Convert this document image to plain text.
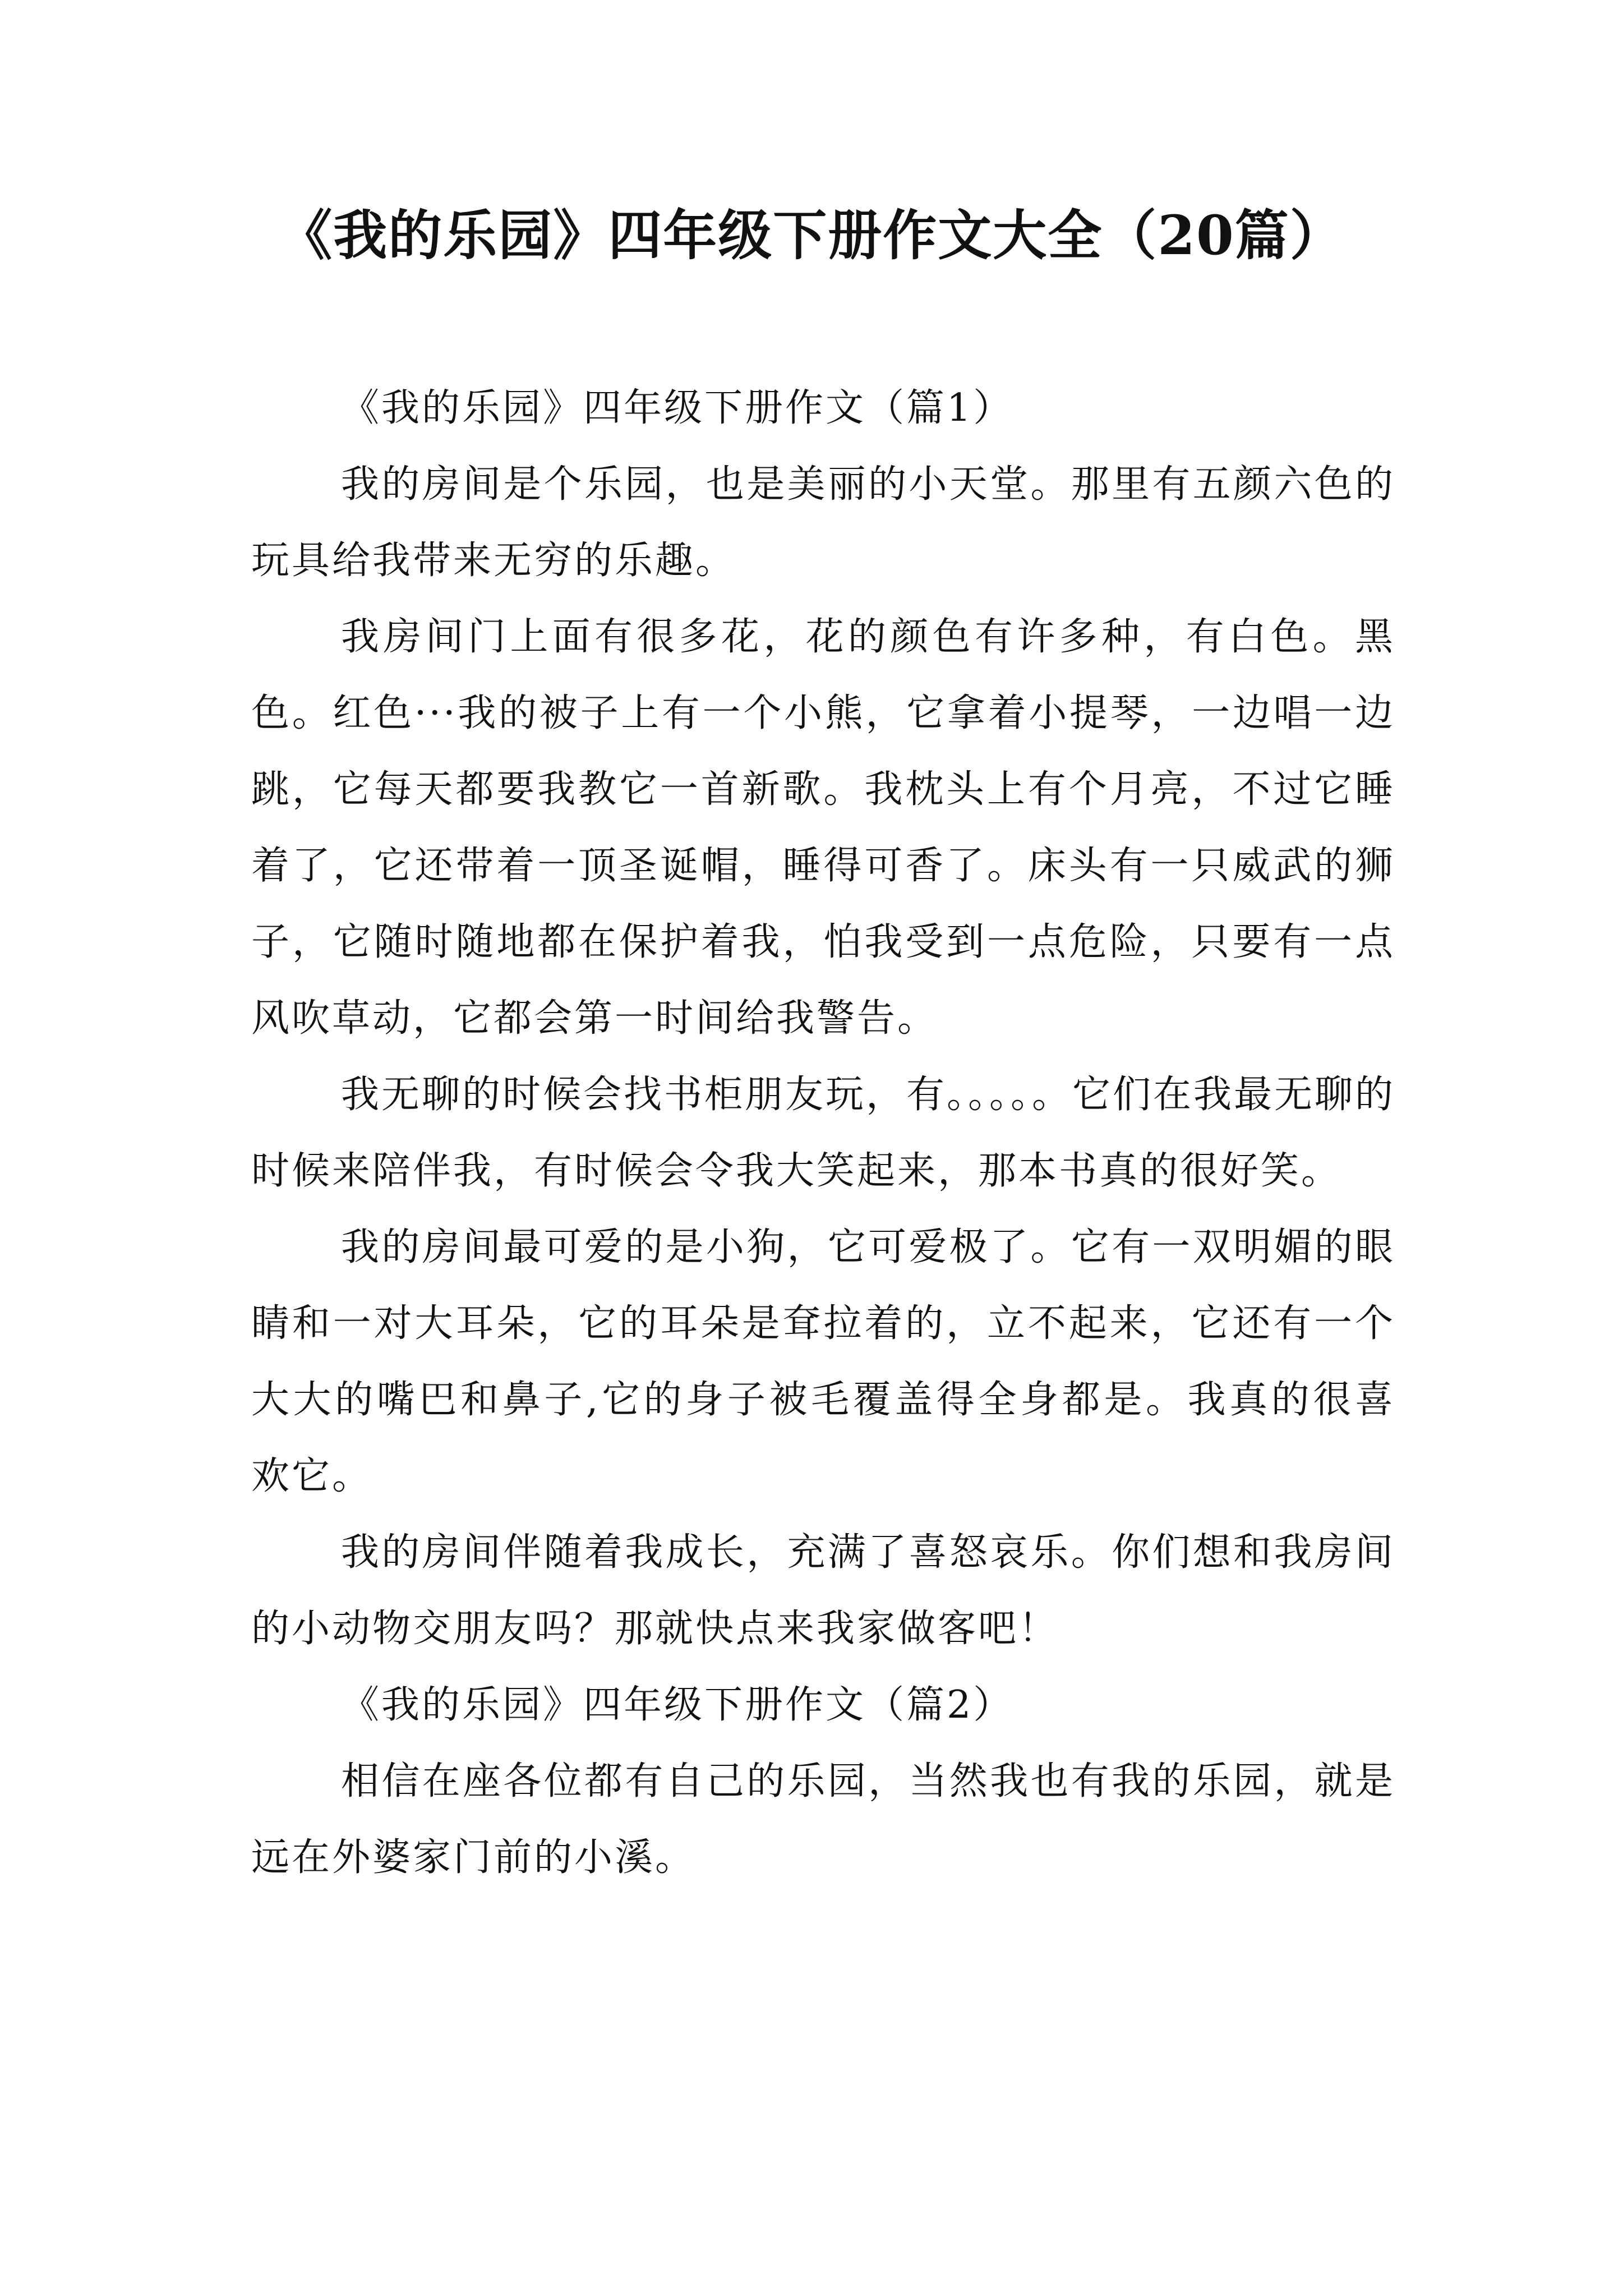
《我的乐园》四年级下册作文大全（20篇）

《我的乐园》四年级下册作文（篇1）

我的房间是个乐园，也是美丽的小天堂。那里有五颜六色的玩具给我带来无穷的乐趣。

我房间门上面有很多花，花的颜色有许多种，有白色。黑色。红色···我的被子上有一个小熊，它拿着小提琴，一边唱一边跳，它每天都要我教它一首新歌。我枕头上有个月亮，不过它睡着了，它还带着一顶圣诞帽，睡得可香了。床头有一只威武的狮子，它随时随地都在保护着我，怕我受到一点危险，只要有一点风吹草动，它都会第一时间给我警告。

我无聊的时候会找书柜朋友玩，有。。。。。它们在我最无聊的时候来陪伴我，有时候会令我大笑起来，那本书真的很好笑。

我的房间最可爱的是小狗，它可爱极了。它有一双明媚的眼睛和一对大耳朵，它的耳朵是耷拉着的，立不起来，它还有一个大大的嘴巴和鼻子,它的身子被毛覆盖得全身都是。我真的很喜欢它。

我的房间伴随着我成长，充满了喜怒哀乐。你们想和我房间的小动物交朋友吗？那就快点来我家做客吧！

《我的乐园》四年级下册作文（篇2）

相信在座各位都有自己的乐园，当然我也有我的乐园，就是远在外婆家门前的小溪。
